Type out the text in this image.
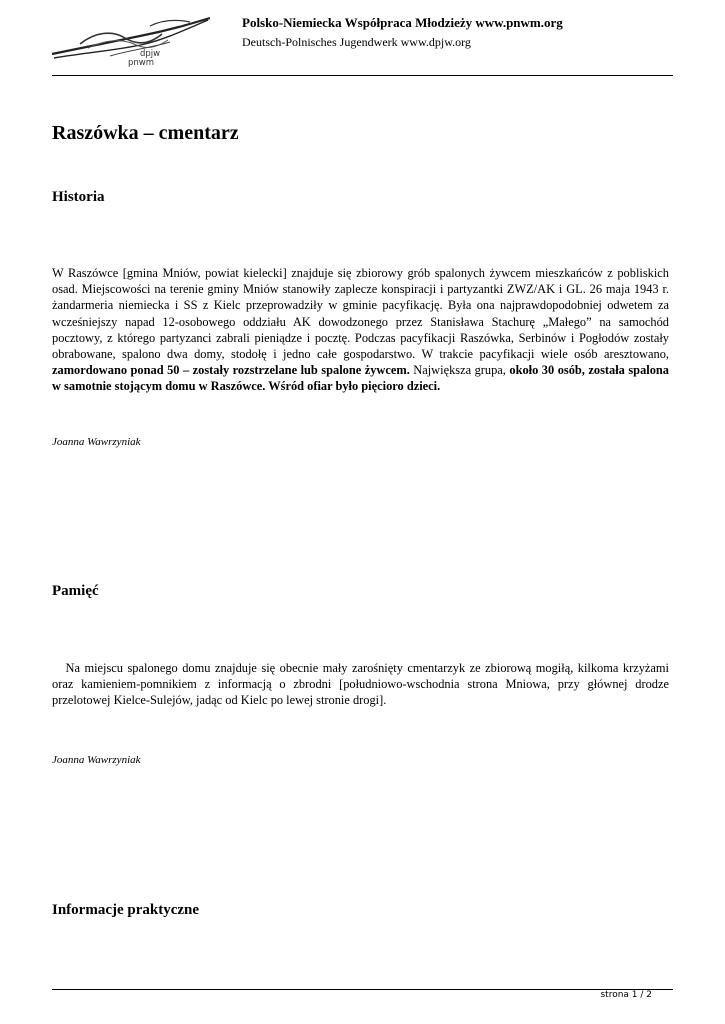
dpjw
pnwm
Polsko-Niemiecka Współpraca Młodzieży www.pnwm.org
Deutsch-Polnisches Jugendwerk www.dpjw.org
Raszówka – cmentarz
Historia

W Raszówce [gmina Mniów, powiat kielecki] znajduje się zbiorowy grób spalonych żywcem mieszkańców z pobliskich osad. Miejscowości na terenie gminy Mniów stanowiły zaplecze konspiracji i partyzantki ZWZ/AK i GL. 26 maja 1943 r. żandarmeria niemiecka i SS z Kielc przeprowadziły w gminie pacyfikację. Była ona najprawdopodobniej odwetem za wcześniejszy napad 12-osobowego oddziału AK dowodzonego przez Stanisława Stachurę „Małego” na samochód pocztowy, z którego partyzanci zabrali pieniądze i pocztę. Podczas pacyfikacji Raszówka, Serbinów i Pogłodów zostały obrabowane, spalono dwa domy, stodołę i jedno całe gospodarstwo. W trakcie pacyfikacji wiele osób aresztowano, zamordowano ponad 50 – zostały rozstrzelane lub spalone żywcem. Największa grupa, około 30 osób, została spalona w samotnie stojącym domu w Raszówce. Wśród ofiar było pięcioro dzieci.

Joanna Wawrzyniak

Pamięć

Na miejscu spalonego domu znajduje się obecnie mały zarośnięty cmentarzyk ze zbiorową mogiłą, kilkoma krzyżami oraz kamieniem-pomnikiem z informacją o zbrodni [południowo-wschodnia strona Mniowa, przy głównej drodze przelotowej Kielce-Sulejów, jadąc od Kielc po lewej stronie drogi].

Joanna Wawrzyniak

Informacje praktyczne
strona 1 / 2
